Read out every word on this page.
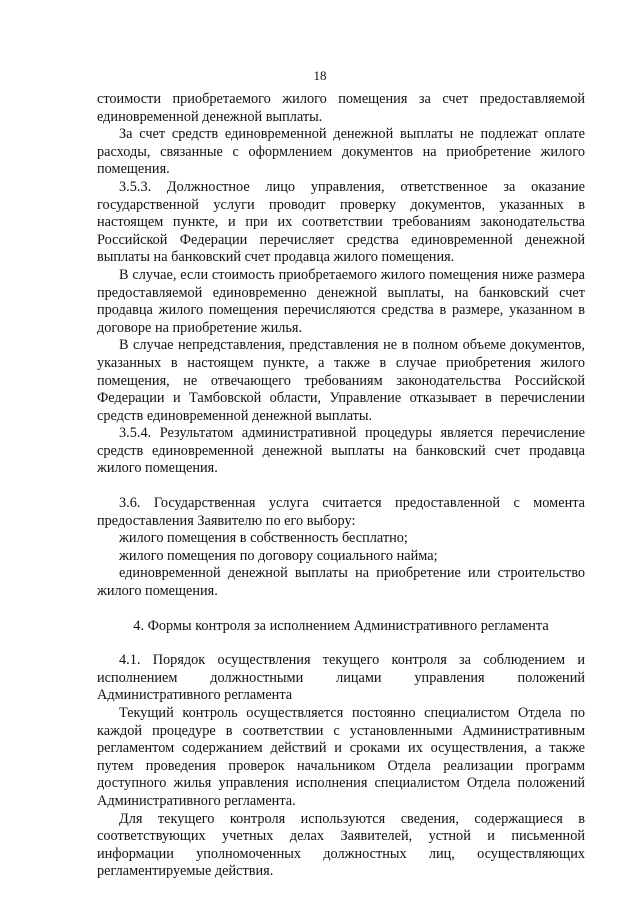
18

стоимости приобретаемого жилого помещения за счет предоставляемой единовременной денежной выплаты.

За счет средств единовременной денежной выплаты не подлежат оплате расходы, связанные с оформлением документов на приобретение жилого помещения.

3.5.3. Должностное лицо управления, ответственное за оказание государственной услуги проводит проверку документов, указанных в настоящем пункте, и при их соответствии требованиям законодательства Российской Федерации перечисляет средства единовременной денежной выплаты на банковский счет продавца жилого помещения.

В случае, если стоимость приобретаемого жилого помещения ниже размера предоставляемой единовременно денежной выплаты, на банковский счет продавца жилого помещения перечисляются средства в размере, указанном в договоре на приобретение жилья.

В случае непредставления, представления не в полном объеме документов, указанных в настоящем пункте, а также в случае приобретения жилого помещения, не отвечающего требованиям законодательства Российской Федерации и Тамбовской области, Управление отказывает в перечислении средств единовременной денежной выплаты.

3.5.4. Результатом административной процедуры является перечисление средств единовременной денежной выплаты на банковский счет продавца жилого помещения.

3.6. Государственная услуга считается предоставленной с момента предоставления Заявителю по его выбору:

жилого помещения в собственность бесплатно;

жилого помещения по договору социального найма;

единовременной денежной выплаты на приобретение или строительство жилого помещения.

4. Формы контроля за исполнением Административного регламента

4.1. Порядок осуществления текущего контроля за соблюдением и исполнением должностными лицами управления положений Административного регламента

Текущий контроль осуществляется постоянно специалистом Отдела по каждой процедуре в соответствии с установленными Административным регламентом содержанием действий и сроками их осуществления, а также путем проведения проверок начальником Отдела реализации программ доступного жилья управления исполнения специалистом Отдела положений Административного регламента.

Для текущего контроля используются сведения, содержащиеся в соответствующих учетных делах Заявителей, устной и письменной информации уполномоченных должностных лиц, осуществляющих регламентируемые действия.
